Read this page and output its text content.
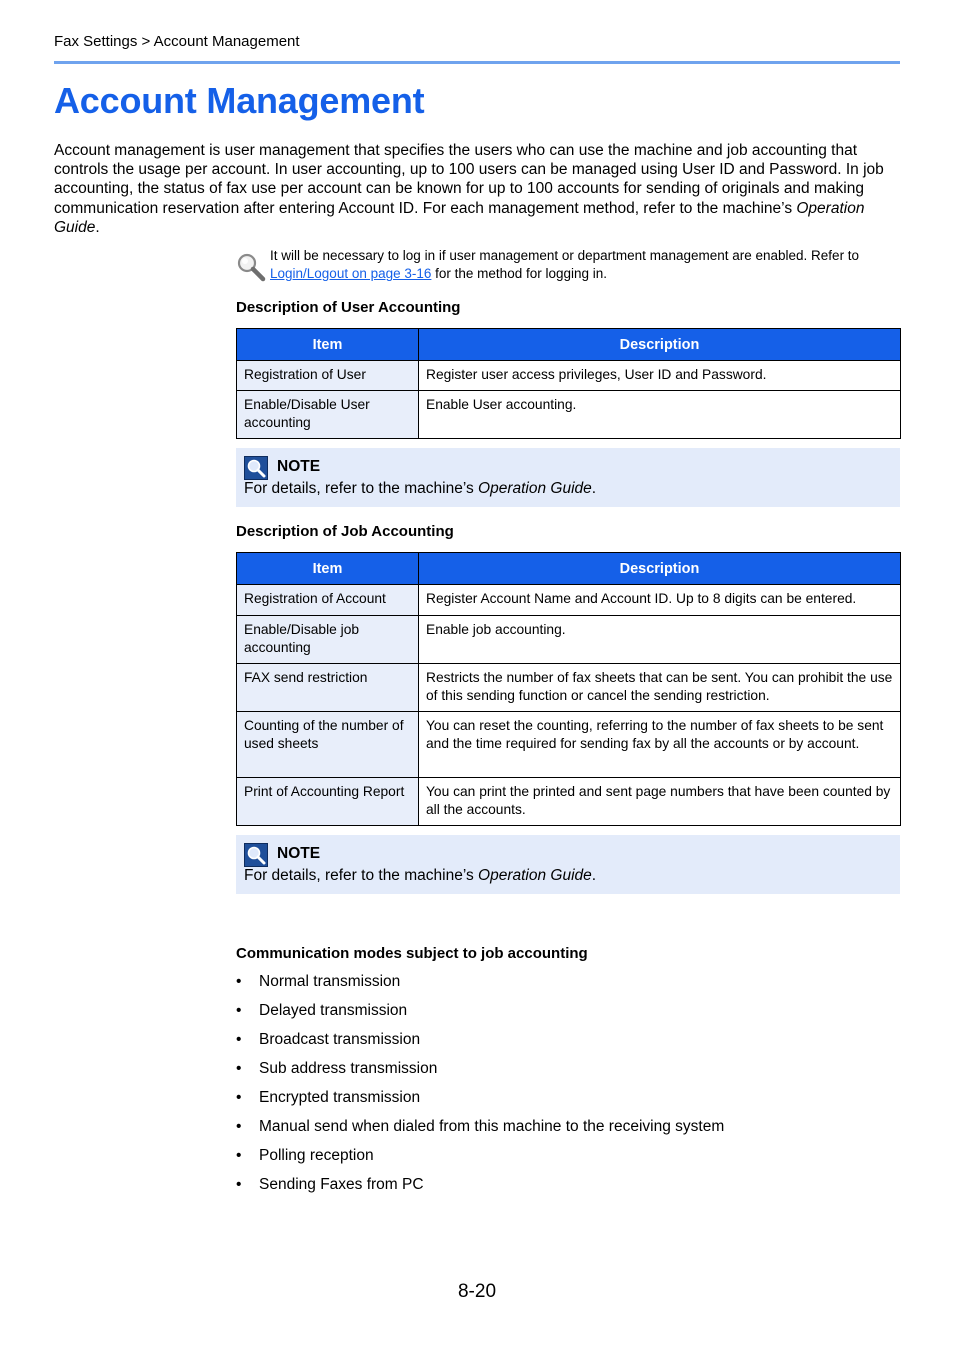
Fax Settings > Account Management
Account Management

Account management is user management that specifies the users who can use the machine and job accounting that controls the usage per account. In user accounting, up to 100 users can be managed using User ID and Password. In job accounting, the status of fax use per account can be known for up to 100 accounts for sending of originals and making communication reservation after entering Account ID. For each management method, refer to the machine’s Operation Guide.

It will be necessary to log in if user management or department management are enabled. Refer to Login/Logout on page 3-16 for the method for logging in.
Description of User Accounting
Item	Description
Registration of User	Register user access privileges, User ID and Password.
Enable/Disable User accounting	Enable User accounting.
NOTE
For details, refer to the machine’s Operation Guide.
Description of Job Accounting
Item	Description
Registration of Account	Register Account Name and Account ID. Up to 8 digits can be entered.
Enable/Disable job accounting	Enable job accounting.
FAX send restriction	Restricts the number of fax sheets that can be sent. You can prohibit the use of this sending function or cancel the sending restriction.
Counting of the number of used sheets	You can reset the counting, referring to the number of fax sheets to be sent and the time required for sending fax by all the accounts or by account.
Print of Accounting Report	You can print the printed and sent page numbers that have been counted by all the accounts.
NOTE
For details, refer to the machine’s Operation Guide.
Communication modes subject to job accounting
• Normal transmission
• Delayed transmission
• Broadcast transmission
• Sub address transmission
• Encrypted transmission
• Manual send when dialed from this machine to the receiving system
• Polling reception
• Sending Faxes from PC
8-20
